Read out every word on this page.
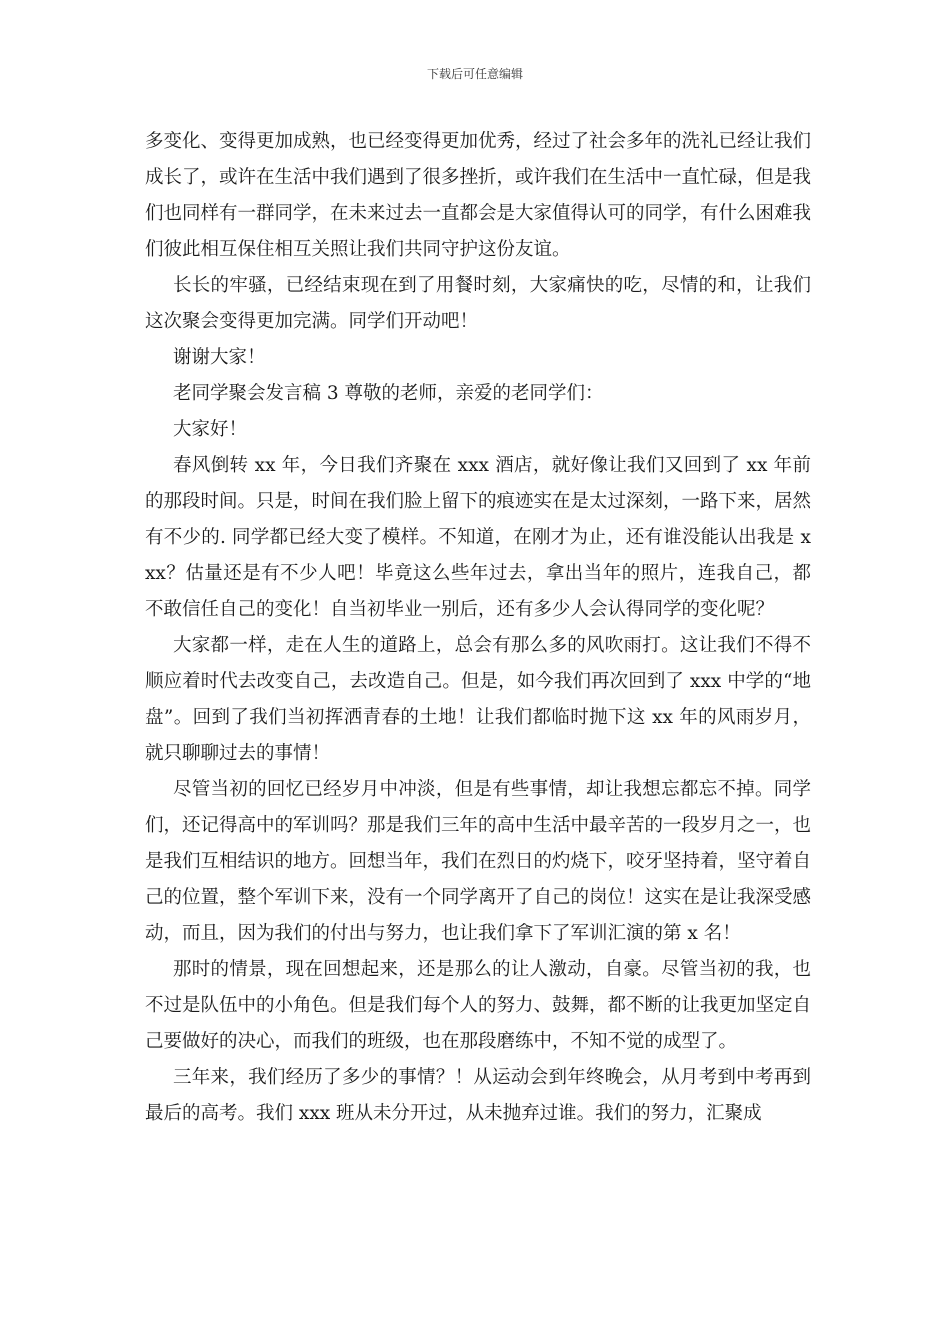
下载后可任意编辑

多变化、变得更加成熟，也已经变得更加优秀，经过了社会多年的洗礼已经让我们成长了，或许在生活中我们遇到了很多挫折，或许我们在生活中一直忙碌，但是我们也同样有一群同学，在未来过去一直都会是大家值得认可的同学，有什么困难我们彼此相互保住相互关照让我们共同守护这份友谊。

长长的牢骚，已经结束现在到了用餐时刻，大家痛快的吃，尽情的和，让我们这次聚会变得更加完满。同学们开动吧！

谢谢大家！

老同学聚会发言稿 3 尊敬的老师，亲爱的老同学们：

大家好！

春风倒转 xx 年，今日我们齐聚在 xxx 酒店，就好像让我们又回到了 xx 年前的那段时间。只是，时间在我们脸上留下的痕迹实在是太过深刻，一路下来，居然有不少的. 同学都已经大变了模样。不知道，在刚才为止，还有谁没能认出我是 xxx？估量还是有不少人吧！毕竟这么些年过去，拿出当年的照片，连我自己，都不敢信任自己的变化！自当初毕业一别后，还有多少人会认得同学的变化呢？

大家都一样，走在人生的道路上，总会有那么多的风吹雨打。这让我们不得不顺应着时代去改变自己，去改造自己。但是，如今我们再次回到了 xxx 中学的“地盘”。回到了我们当初挥洒青春的土地！让我们都临时抛下这 xx 年的风雨岁月，就只聊聊过去的事情！

尽管当初的回忆已经岁月中冲淡，但是有些事情，却让我想忘都忘不掉。同学们，还记得高中的军训吗？那是我们三年的高中生活中最辛苦的一段岁月之一，也是我们互相结识的地方。回想当年，我们在烈日的灼烧下，咬牙坚持着，坚守着自己的位置，整个军训下来，没有一个同学离开了自己的岗位！这实在是让我深受感动，而且，因为我们的付出与努力，也让我们拿下了军训汇演的第 x 名！

那时的情景，现在回想起来，还是那么的让人激动，自豪。尽管当初的我，也不过是队伍中的小角色。但是我们每个人的努力、鼓舞，都不断的让我更加坚定自己要做好的决心，而我们的班级，也在那段磨练中，不知不觉的成型了。

三年来，我们经历了多少的事情？！从运动会到年终晚会，从月考到中考再到最后的高考。我们 xxx 班从未分开过，从未抛弃过谁。我们的努力，汇聚成
